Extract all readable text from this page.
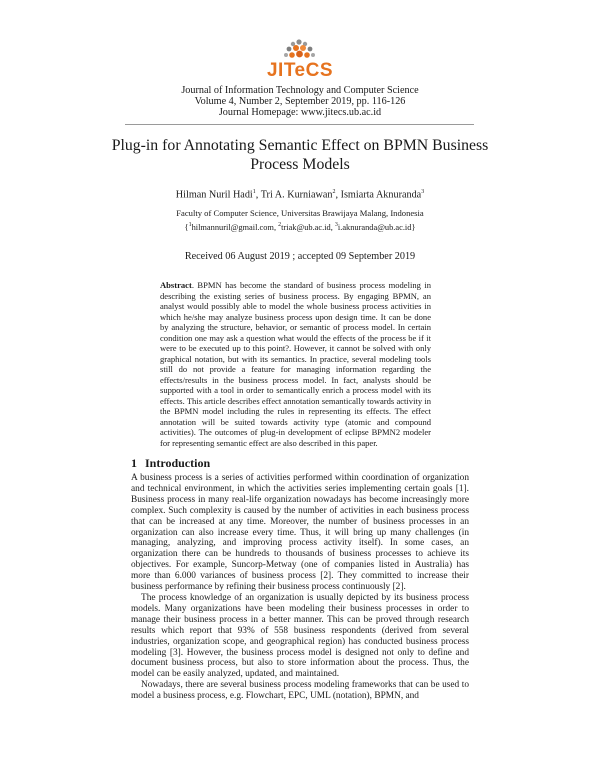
JITeCS
Journal of Information Technology and Computer Science
Volume 4, Number 2, September 2019, pp. 116-126
Journal Homepage: www.jitecs.ub.ac.id
Plug-in for Annotating Semantic Effect on BPMN Business Process Models
Hilman Nuril Hadi$^1$, Tri A. Kurniawan$^2$, Ismiarta Aknuranda$^3$
Faculty of Computer Science, Universitas Brawijaya Malang, Indonesia
{$^1$hilmannuril@gmail.com, $^2$triak@ub.ac.id, $^3$i.aknuranda@ub.ac.id}
Received 06 August 2019 ; accepted 09 September 2019
Abstract. BPMN has become the standard of business process modeling in describing the existing series of business process. By engaging BPMN, an analyst would possibly able to model the whole business process activities in which he/she may analyze business process upon design time. It can be done by analyzing the structure, behavior, or semantic of process model. In certain condition one may ask a question what would the effects of the process be if it were to be executed up to this point?. However, it cannot be solved with only graphical notation, but with its semantics. In practice, several modeling tools still do not provide a feature for managing information regarding the effects/results in the business process model. In fact, analysts should be supported with a tool in order to semantically enrich a process model with its effects. This article describes effect annotation semantically towards activity in the BPMN model including the rules in representing its effects. The effect annotation will be suited towards activity type (atomic and compound activities). The outcomes of plug-in development of eclipse BPMN2 modeler for representing semantic effect are also described in this paper.
1 Introduction

A business process is a series of activities performed within coordination of organization and technical environment, in which the activities series implementing certain goals [1]. Business process in many real-life organization nowadays has become increasingly more complex. Such complexity is caused by the number of activities in each business process that can be increased at any time. Moreover, the number of business processes in an organization can also increase every time. Thus, it will bring up many challenges (in managing, analyzing, and improving process activity itself). In some cases, an organization there can be hundreds to thousands of business processes to achieve its objectives. For example, Suncorp-Metway (one of companies listed in Australia) has more than 6.000 variances of business process [2]. They committed to increase their business performance by refining their business process continuously [2].

The process knowledge of an organization is usually depicted by its business process models. Many organizations have been modeling their business processes in order to manage their business process in a better manner. This can be proved through research results which report that 93% of 558 business respondents (derived from several industries, organization scope, and geographical region) has conducted business process modeling [3]. However, the business process model is designed not only to define and document business process, but also to store information about the process. Thus, the model can be easily analyzed, updated, and maintained.

Nowadays, there are several business process modeling frameworks that can be used to model a business process, e.g. Flowchart, EPC, UML (notation), BPMN, and
